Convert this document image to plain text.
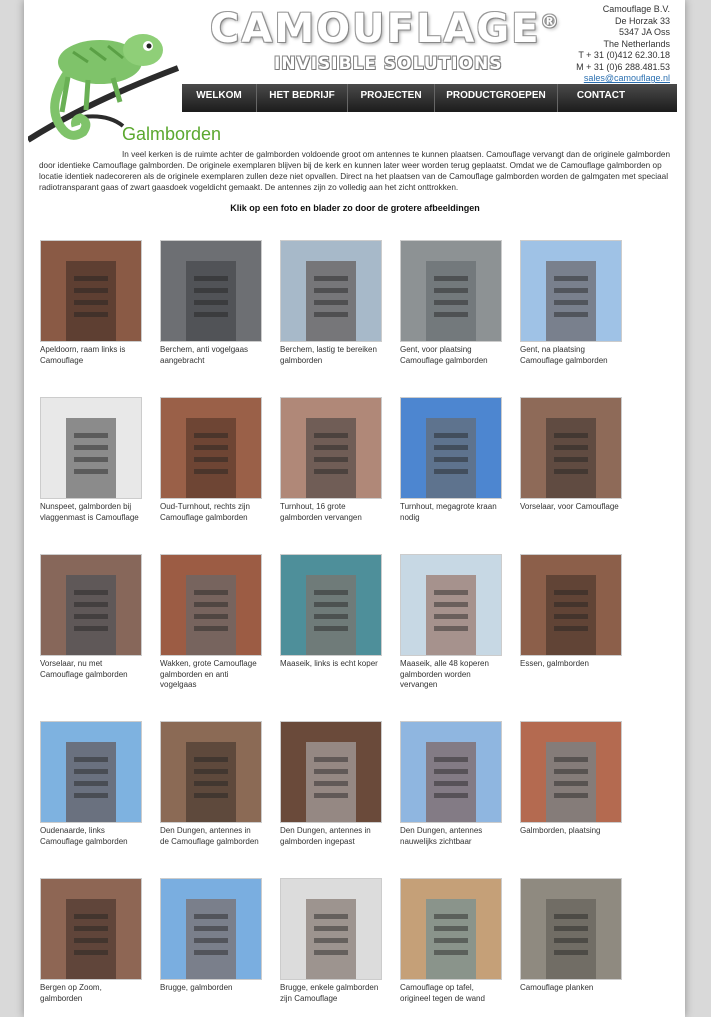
CAMOUFLAGE®
INVISIBLE SOLUTIONS
Camouflage B.V.
De Horzak 33
5347 JA Oss
The Netherlands
T + 31 (0)412 62.30.18
M + 31 (0)6 288.481.53
sales@camouflage.nl
WELKOM	HET BEDRIJF	PROJECTEN	PRODUCTGROEPEN	CONTACT
Galmborden

In veel kerken is de ruimte achter de galmborden voldoende groot om antennes te kunnen plaatsen. Camouflage vervangt dan de originele galmborden door identieke Camouflage galmborden. De originele exemplaren blijven bij de kerk en kunnen later weer worden terug geplaatst. Omdat we de Camouflage galmborden op locatie identiek nadecoreren als de originele exemplaren zullen deze niet opvallen. Direct na het plaatsen van de Camouflage galmborden worden de galmgaten met speciaal radiotransparant gaas of zwart gaasdoek vogeldicht gemaakt. De antennes zijn zo volledig aan het zicht onttrokken.

Klik op een foto en blader zo door de grotere afbeeldingen
Apeldoorn, raam links is Camouflage
Berchem, anti vogelgaas aangebracht
Berchem, lastig te bereiken galmborden
Gent, voor plaatsing Camouflage galmborden
Gent, na plaatsing Camouflage galmborden
Nunspeet, galmborden bij vlaggenmast is Camouflage
Oud-Turnhout, rechts zijn Camouflage galmborden
Turnhout, 16 grote galmborden vervangen
Turnhout, megagrote kraan nodig
Vorselaar, voor Camouflage
Vorselaar, nu met Camouflage galmborden
Wakken, grote Camouflage galmborden en anti vogelgaas
Maaseik, links is echt koper	Maaseik, alle 48 koperen galmborden worden vervangen
Essen, galmborden
Oudenaarde, links Camouflage galmborden
Den Dungen, antennes in de Camouflage galmborden
Den Dungen, antennes in galmborden ingepast
Den Dungen, antennes nauwelijks zichtbaar
Galmborden, plaatsing
Bergen op Zoom, galmborden
Brugge, galmborden	Brugge, enkele galmborden zijn Camouflage
Camouflage op tafel, origineel tegen de wand
Camouflage planken
